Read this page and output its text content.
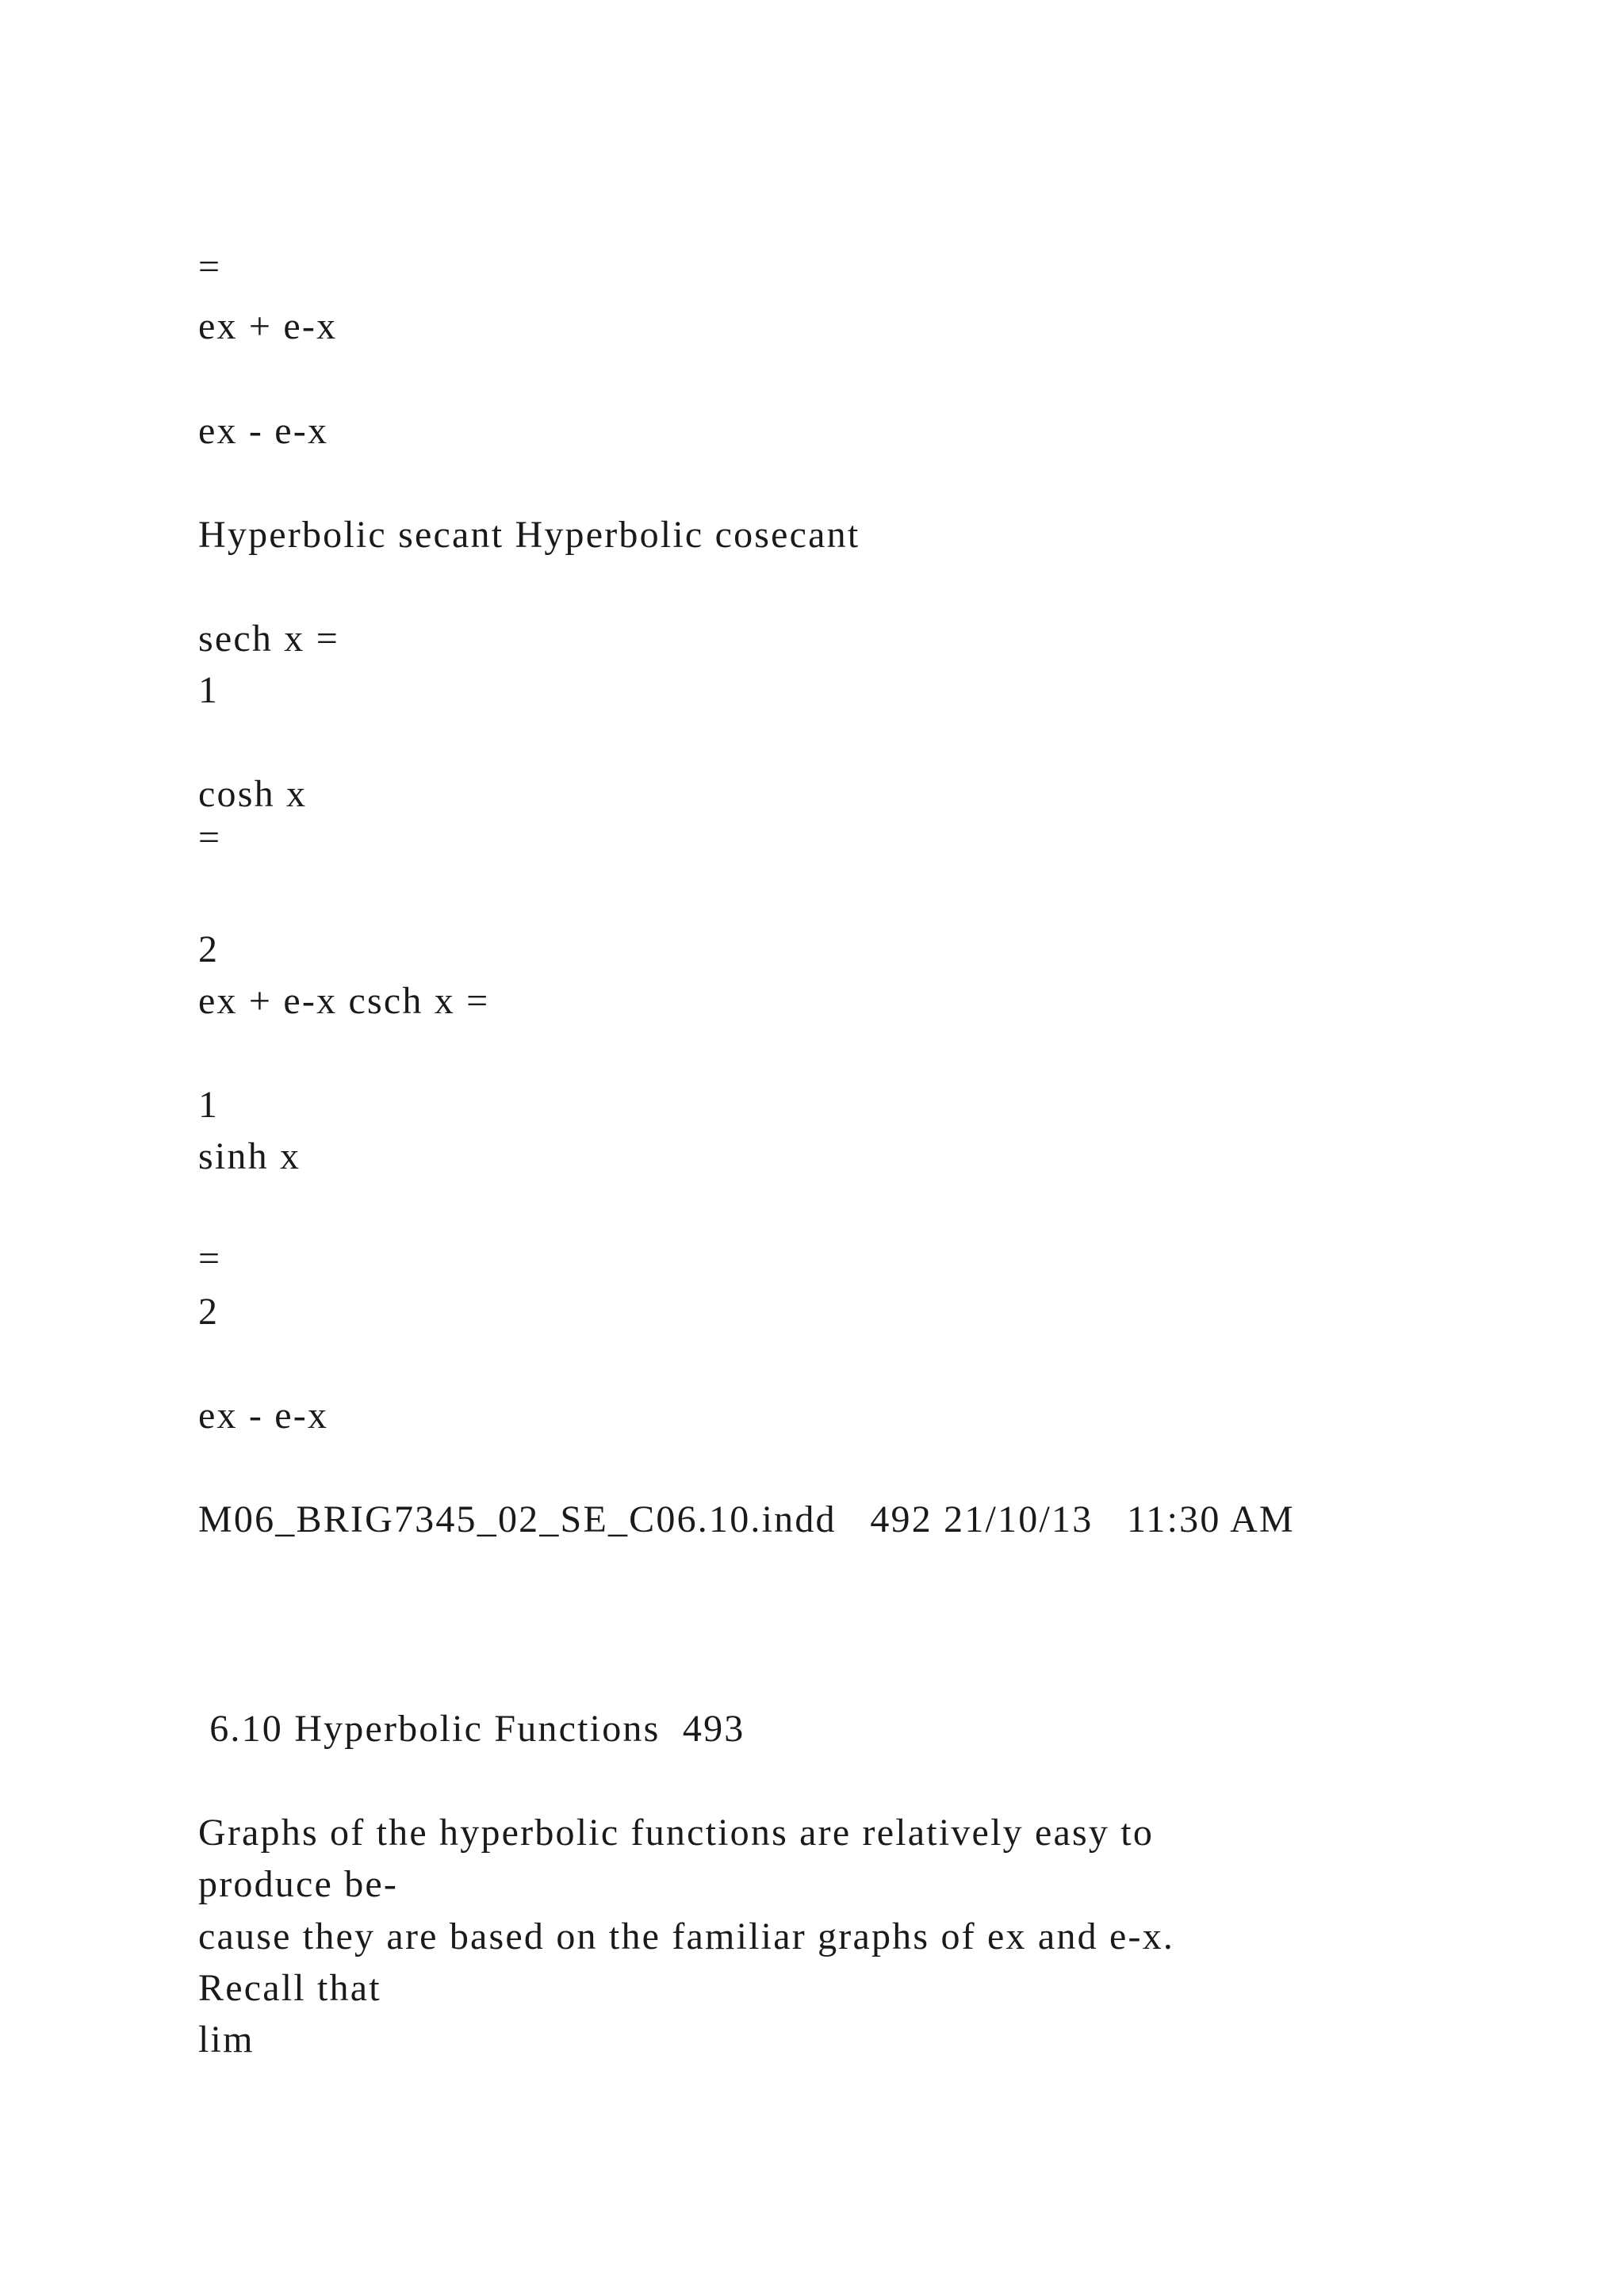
=

ex + e-x

ex - e-x

Hyperbolic secant Hyperbolic cosecant

sech x =

1

cosh x

=

2

ex + e-x csch x =

1

sinh x

=

2

ex - e-x

M06_BRIG7345_02_SE_C06.10.indd   492 21/10/13   11:30 AM

6.10 Hyperbolic Functions  493

Graphs of the hyperbolic functions are relatively easy to

produce be-

cause they are based on the familiar graphs of ex and e-x.

Recall that

lim
